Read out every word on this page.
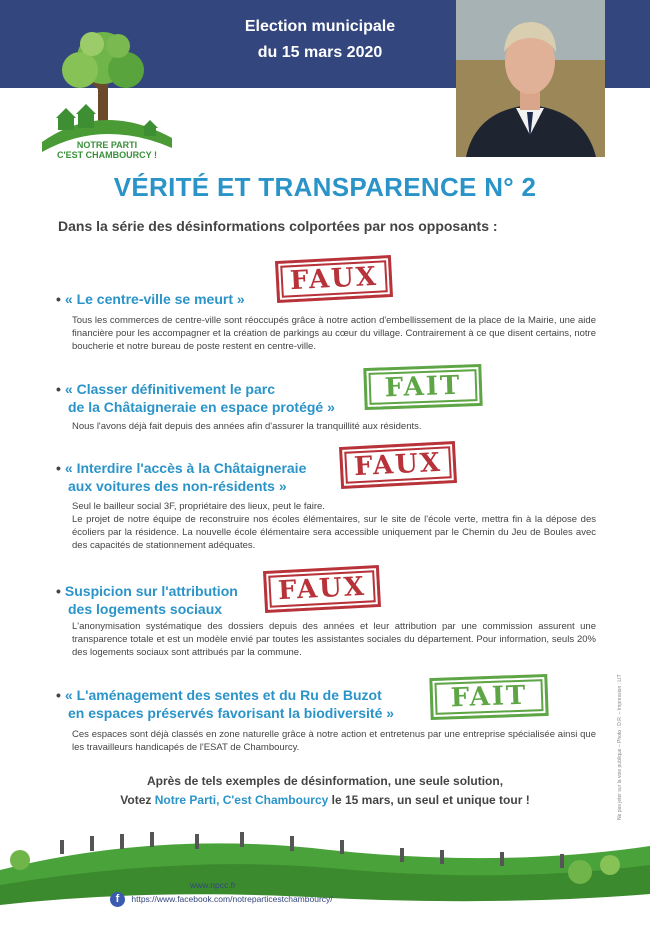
Election municipale
du 15 mars 2020
NOTRE PARTI
C'EST CHAMBOURCY !
VÉRITÉ ET TRANSPARENCE N° 2
Dans la série des désinformations colportées par nos opposants :
• « Le centre-ville se meurt »
FAUX
Tous les commerces de centre-ville sont réoccupés grâce à notre action d'embellissement de la place de la Mairie, une aide financière pour les accompagner et la création de parkings au cœur du village. Contrairement à ce que disent certains, notre boucherie et notre bureau de poste restent en centre-ville.
• « Classer définitivement le parc
de la Châtaigneraie en espace protégé »
FAIT
Nous l'avons déjà fait depuis des années afin d'assurer la tranquillité aux résidents.
• « Interdire l'accès à la Châtaigneraie
aux voitures des non-résidents »
FAUX
Seul le bailleur social 3F, propriétaire des lieux, peut le faire.
Le projet de notre équipe de reconstruire nos écoles élémentaires, sur le site de l'école verte, mettra fin à la dépose des écoliers par la résidence. La nouvelle école élémentaire sera accessible uniquement par le Chemin du Jeu de Boules avec des capacités de stationnement adéquates.
• Suspicion sur l'attribution
des logements sociaux
FAUX
L'anonymisation systématique des dossiers depuis des années et leur attribution par une commission assurent une transparence totale et est un modèle envié par toutes les assistantes sociales du département. Pour information, seuls 20% des logements sociaux sont attribués par la commune.
• « L'aménagement des sentes et du Ru de Buzot
en espaces préservés favorisant la biodiversité »	FAIT
Ces espaces sont déjà classés en zone naturelle grâce à notre action et entretenus par une entreprise spécialisée ainsi que les travailleurs handicapés de l'ESAT de Chambourcy.
Après de tels exemples de désinformation, une seule solution,
Votez Notre Parti, C'est Chambourcy le 15 mars, un seul et unique tour !
www.npcc.fr
f https://www.facebook.com/notreparticestchambourcy/
Ne pas jeter sur la voie publique – Photo : D.R. – Impression : LIT
